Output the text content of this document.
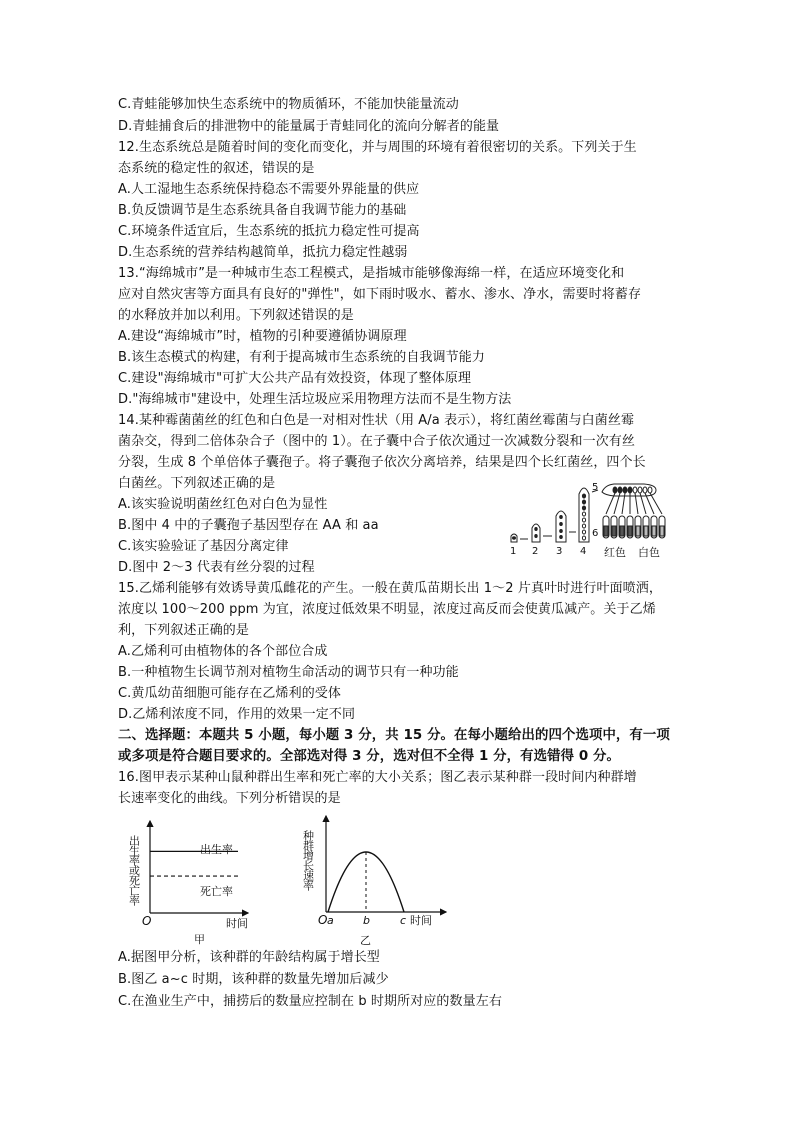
C.青蛙能够加快生态系统中的物质循环，不能加快能量流动
D.青蛙捕食后的排泄物中的能量属于青蛙同化的流向分解者的能量
12.生态系统总是随着时间的变化而变化，并与周围的环境有着很密切的关系。下列关于生
态系统的稳定性的叙述，错误的是
A.人工湿地生态系统保持稳态不需要外界能量的供应
B.负反馈调节是生态系统具备自我调节能力的基础
C.环境条件适宜后，生态系统的抵抗力稳定性可提高
D.生态系统的营养结构越简单，抵抗力稳定性越弱
13.“海绵城市”是一种城市生态工程模式，是指城市能够像海绵一样，在适应环境变化和
应对自然灾害等方面具有良好的"弹性"，如下雨时吸水、蓄水、渗水、净水，需要时将蓄存
的水释放并加以利用。下列叙述错误的是
A.建设“海绵城市”时，植物的引种要遵循协调原理
B.该生态模式的构建，有利于提高城市生态系统的自我调节能力
C.建设"海绵城市"可扩大公共产品有效投资，体现了整体原理
D."海绵城市"建设中，处理生活垃圾应采用物理方法而不是生物方法
14.某种霉菌菌丝的红色和白色是一对相对性状（用 A/a 表示），将红菌丝霉菌与白菌丝霉
菌杂交，得到二倍体杂合子（图中的 1）。在子囊中合子依次通过一次减数分裂和一次有丝
分裂，生成 8 个单倍体子囊孢子。将子囊孢子依次分离培养，结果是四个长红菌丝，四个长
白菌丝。下列叙述正确的是
A.该实验说明菌丝红色对白色为显性
B.图中 4 中的子囊孢子基因型存在 AA 和 aa
C.该实验验证了基因分离定律
D.图中 2～3 代表有丝分裂的过程
1 2 3 4
5
6
红色 白色
15.乙烯利能够有效诱导黄瓜雌花的产生。一般在黄瓜苗期长出 1～2 片真叶时进行叶面喷洒，
浓度以 100～200 ppm 为宜，浓度过低效果不明显，浓度过高反而会使黄瓜减产。关于乙烯
利，下列叙述正确的是
A.乙烯利可由植物体的各个部位合成
B.一种植物生长调节剂对植物生命活动的调节只有一种功能
C.黄瓜幼苗细胞可能存在乙烯利的受体
D.乙烯利浓度不同，作用的效果一定不同
二、选择题：本题共 5 小题，每小题 3 分，共 15 分。在每小题给出的四个选项中，有一项
或多项是符合题目要求的。全部选对得 3 分，选对但不全得 1 分，有选错得 0 分。
16.图甲表示某种山鼠种群出生率和死亡率的大小关系；图乙表示某种群一段时间内种群增
长速率变化的曲线。下列分析错误的是
出生率或死亡率	出生率
死亡率
O	时间
甲
种群增长速率
O a	b	c 时间
乙
A.据图甲分析，该种群的年龄结构属于增长型
B.图乙 a~c 时期，该种群的数量先增加后减少
C.在渔业生产中，捕捞后的数量应控制在 b 时期所对应的数量左右
